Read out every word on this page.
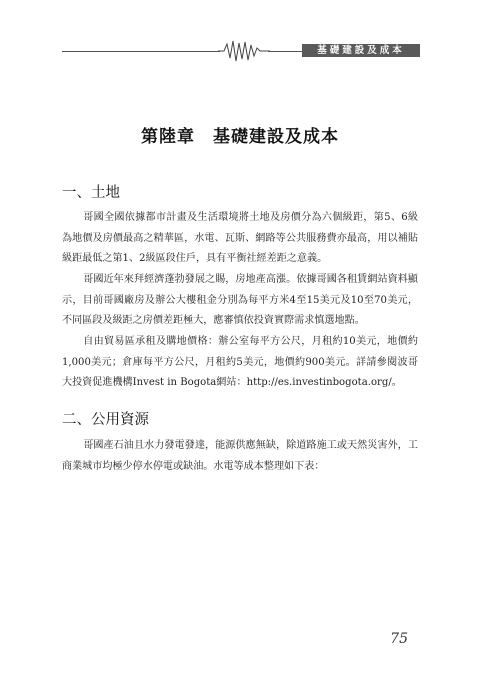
基礎建設及成本
第陸章　基礎建設及成本
一、土地

哥國全國依據都市計畫及生活環境將土地及房價分為六個級距，第5、6級為地價及房價最高之精華區，水電、瓦斯、網路等公共服務費亦最高，用以補貼級距最低之第1、2級區段住戶，具有平衡社經差距之意義。

哥國近年來拜經濟蓬勃發展之賜，房地產高漲。依據哥國各租賃網站資料顯示，目前哥國廠房及辦公大樓租金分別為每平方米4至15美元及10至70美元，不同區段及級距之房價差距極大，應審慎依投資實際需求慎選地點。

自由貿易區承租及購地價格：辦公室每平方公尺，月租約10美元，地價約1,000美元；倉庫每平方公尺，月租約5美元，地價約900美元。詳請參閱波哥大投資促進機構Invest in Bogota網站：http://es.investinbogota.org/。

二、公用資源

哥國產石油且水力發電發達，能源供應無缺，除道路施工或天然災害外，工商業城市均極少停水停電或缺油。水電等成本整理如下表：

75
